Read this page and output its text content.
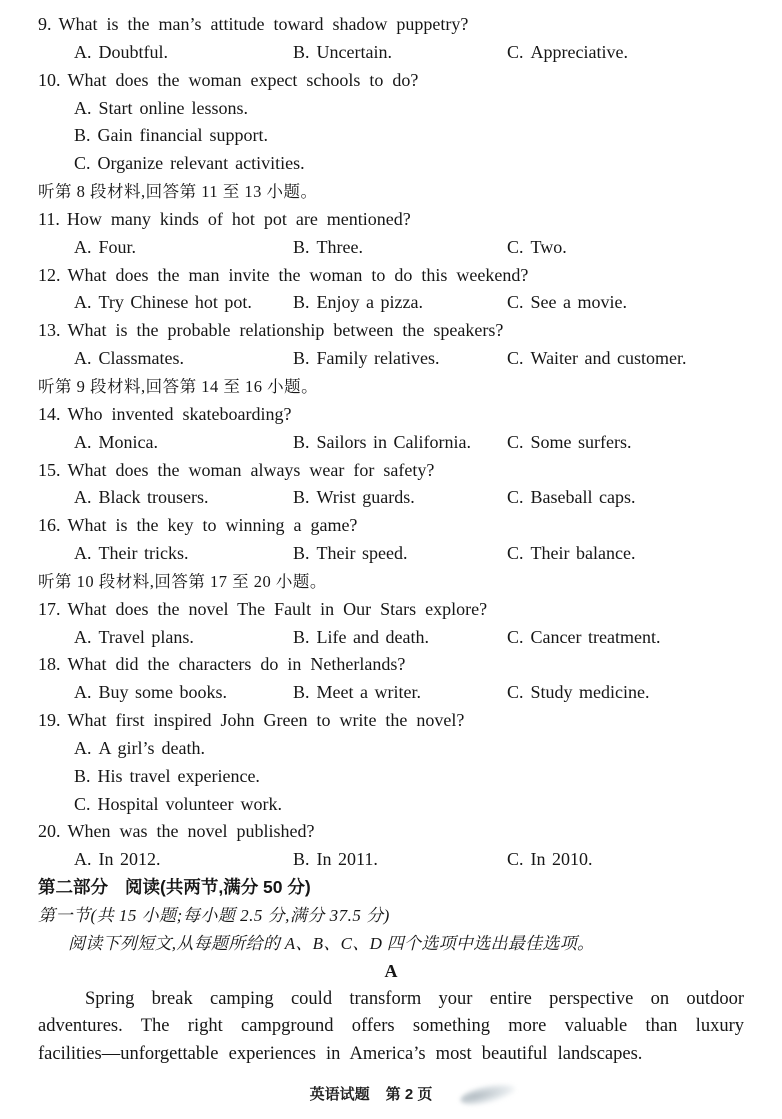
9. What is the man’s attitude toward shadow puppetry?
A. Doubtful.	B. Uncertain.	C. Appreciative.
10. What does the woman expect schools to do?
A. Start online lessons.
B. Gain financial support.
C. Organize relevant activities.
听第 8 段材料,回答第 11 至 13 小题。
11. How many kinds of hot pot are mentioned?
A. Four.	B. Three.	C. Two.
12. What does the man invite the woman to do this weekend?
A. Try Chinese hot pot. B. Enjoy a pizza.	C. See a movie.
13. What is the probable relationship between the speakers?
A. Classmates.	B. Family relatives.	C. Waiter and customer.
听第 9 段材料,回答第 14 至 16 小题。
14. Who invented skateboarding?
A. Monica.	B. Sailors in California. C. Some surfers.
15. What does the woman always wear for safety?
A. Black trousers.	B. Wrist guards.	C. Baseball caps.
16. What is the key to winning a game?
A. Their tricks.	B. Their speed.	C. Their balance.
听第 10 段材料,回答第 17 至 20 小题。
17. What does the novel The Fault in Our Stars explore?
A. Travel plans.	B. Life and death.	C. Cancer treatment.
18. What did the characters do in Netherlands?
A. Buy some books.	B. Meet a writer.	C. Study medicine.
19. What first inspired John Green to write the novel?
A. A girl’s death.
B. His travel experience.
C. Hospital volunteer work.
20. When was the novel published?
A. In 2012.	B. In 2011.	C. In 2010.
第二部分 阅读(共两节,满分 50 分)
第一节(共 15 小题;每小题 2.5 分,满分 37.5 分)
阅读下列短文,从每题所给的 A、B、C、D 四个选项中选出最佳选项。
A
Spring break camping could transform your entire perspective on outdoor
adventures. The right campground offers something more valuable than luxury
facilities—unforgettable experiences in America’s most beautiful landscapes.
英语试题 第 2 页
